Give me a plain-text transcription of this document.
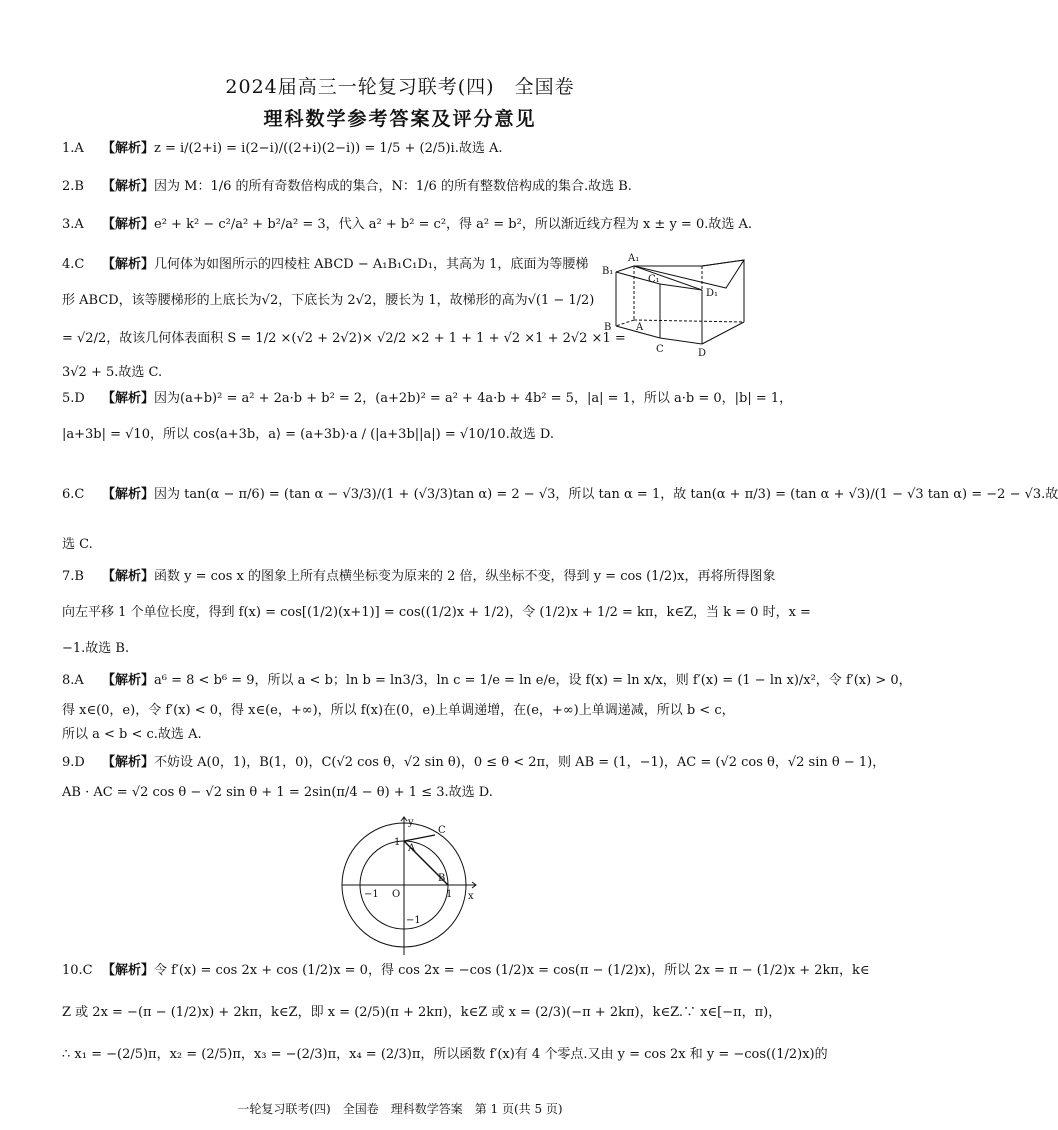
2024届高三一轮复习联考(四)　全国卷
理科数学参考答案及评分意见
1.A 【解析】z = i/(2+i) = i(2−i)/((2+i)(2−i)) = 1/5 + (2/5)i.故选 A.
2.B 【解析】因为 M：1/6 的所有奇数倍构成的集合，N：1/6 的所有整数倍构成的集合.故选 B.
3.A 【解析】e² + k² − c²/a² + b²/a² = 3，代入 a² + b² = c²，得 a² = b²，所以渐近线方程为 x ± y = 0.故选 A.
4.C 【解析】几何体为如图所示的四棱柱 ABCD − A₁B₁C₁D₁，其高为 1，底面为等腰梯
形 ABCD，该等腰梯形的上底长为√2，下底长为 2√2，腰长为 1，故梯形的高为√(1 − 1/2)
= √2/2，故该几何体表面积 S = 1/2 ×(√2 + 2√2)× √2/2 ×2 + 1 + 1 + √2 ×1 + 2√2 ×1 =
3√2 + 5.故选 C.
A₁
B₁
C₁
D₁
A
B
C	D
5.D 【解析】因为(a+b)² = a² + 2a·b + b² = 2，(a+2b)² = a² + 4a·b + 4b² = 5，|a| = 1，所以 a·b = 0，|b| = 1，
|a+3b| = √10，所以 cos⟨a+3b，a⟩ = (a+3b)·a / (|a+3b||a|) = √10/10.故选 D.
6.C 【解析】因为 tan(α − π/6) = (tan α − √3/3)/(1 + (√3/3)tan α) = 2 − √3，所以 tan α = 1，故 tan(α + π/3) = (tan α + √3)/(1 − √3 tan α) = −2 − √3.故
选 C.
7.B 【解析】函数 y = cos x 的图象上所有点横坐标变为原来的 2 倍，纵坐标不变，得到 y = cos (1/2)x，再将所得图象
向左平移 1 个单位长度，得到 f(x) = cos[(1/2)(x+1)] = cos((1/2)x + 1/2)，令 (1/2)x + 1/2 = kπ，k∈Z，当 k = 0 时，x =
−1.故选 B.
8.A 【解析】a⁶ = 8 < b⁶ = 9，所以 a < b；ln b = ln3/3，ln c = 1/e = ln e/e，设 f(x) = ln x/x，则 f′(x) = (1 − ln x)/x²，令 f′(x) > 0，
得 x∈(0，e)，令 f′(x) < 0，得 x∈(e，+∞)，所以 f(x)在(0，e)上单调递增，在(e，+∞)上单调递减，所以 b < c，
所以 a < b < c.故选 A.
9.D 【解析】不妨设 A(0，1)，B(1，0)，C(√2 cos θ，√2 sin θ)，0 ≤ θ < 2π，则 AB = (1，−1)，AC = (√2 cos θ，√2 sin θ − 1)，
AB · AC = √2 cos θ − √2 sin θ + 1 = 2sin(π/4 − θ) + 1 ≤ 3.故选 D.
y
x
O
A
B
C
1
−1
1
−1
10.C 【解析】令 f′(x) = cos 2x + cos (1/2)x = 0，得 cos 2x = −cos (1/2)x = cos(π − (1/2)x)，所以 2x = π − (1/2)x + 2kπ，k∈
Z 或 2x = −(π − (1/2)x) + 2kπ，k∈Z，即 x = (2/5)(π + 2kπ)，k∈Z 或 x = (2/3)(−π + 2kπ)，k∈Z.∵ x∈[−π，π)，
∴ x₁ = −(2/5)π，x₂ = (2/5)π，x₃ = −(2/3)π，x₄ = (2/3)π，所以函数 f′(x)有 4 个零点.又由 y = cos 2x 和 y = −cos((1/2)x)的
一轮复习联考(四)　全国卷　理科数学答案　第 1 页(共 5 页)
